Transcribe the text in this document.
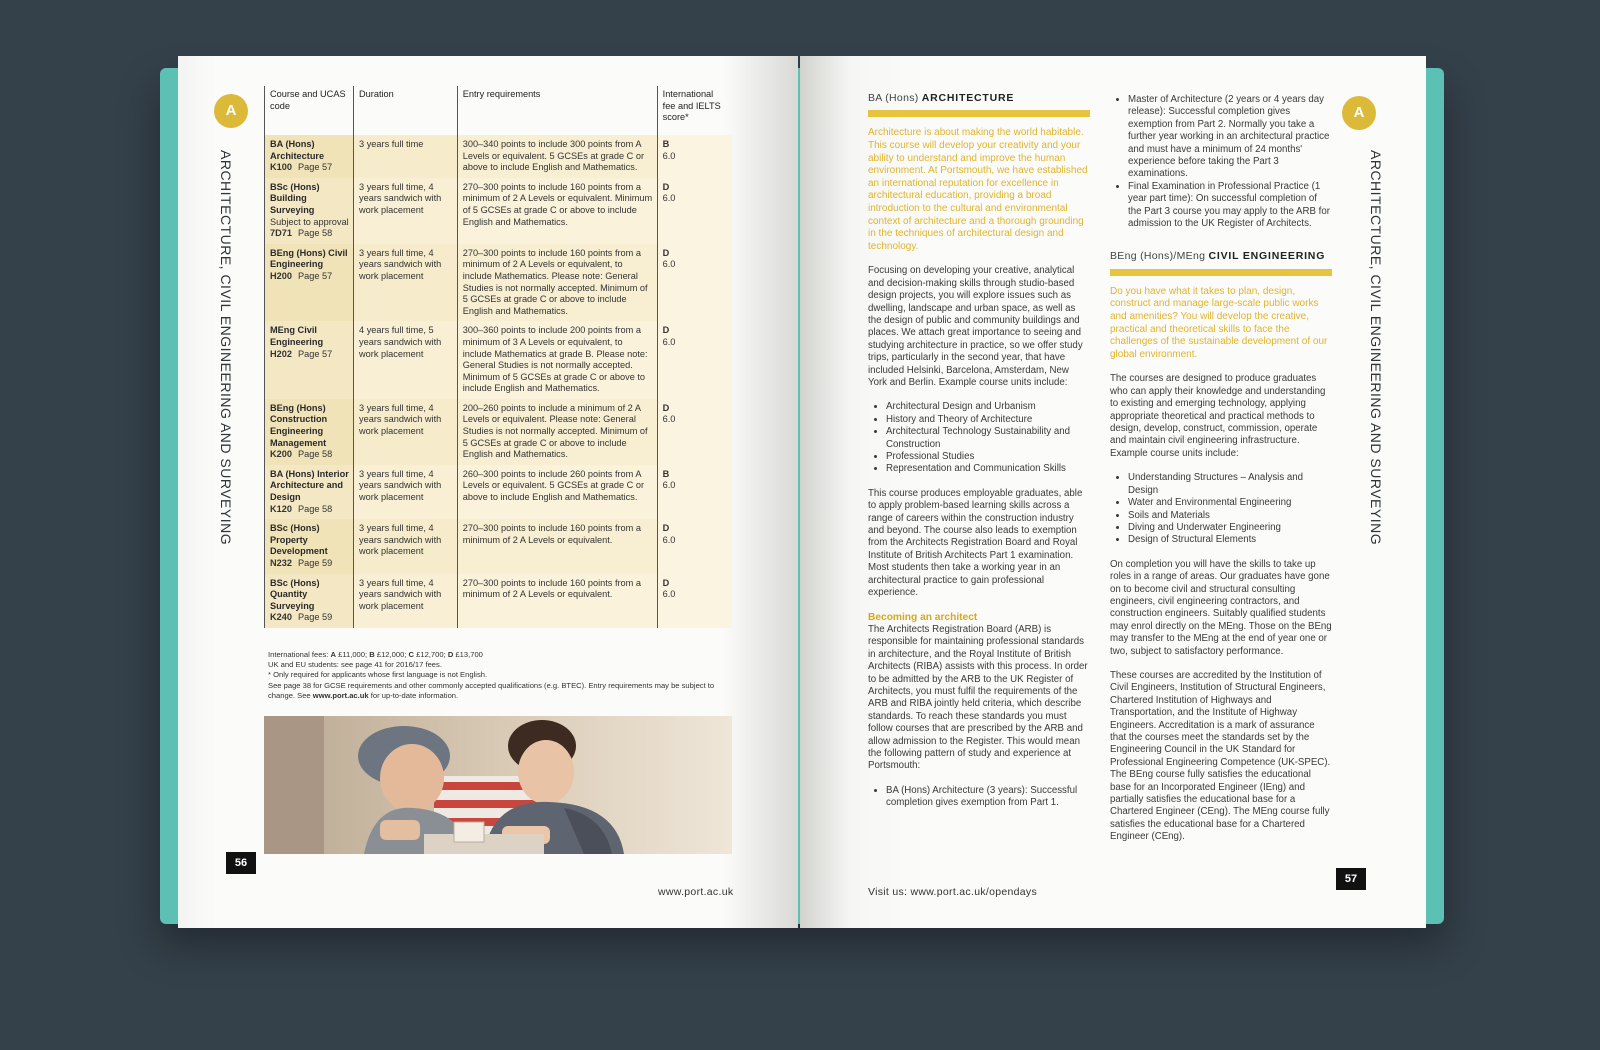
A
ARCHITECTURE, CIVIL ENGINEERING AND SURVEYING
Course and UCAS code	Duration	Entry requirements	International fee and IELTS score*

BA (Hons) Architecture
K100 Page 57	3 years full time	300–340 points to include 300 points from A Levels or equivalent. 5 GCSEs at grade C or above to include English and Mathematics.	B
6.0

BSc (Hons) Building Surveying
Subject to approval
7D71 Page 58	3 years full time, 4 years sandwich with work placement	270–300 points to include 160 points from a minimum of 2 A Levels or equivalent. Minimum of 5 GCSEs at grade C or above to include English and Mathematics.	D
6.0

BEng (Hons) Civil Engineering
H200 Page 57	3 years full time, 4 years sandwich with work placement	270–300 points to include 160 points from a minimum of 2 A Levels or equivalent, to include Mathematics. Please note: General Studies is not normally accepted. Minimum of 5 GCSEs at grade C or above to include English and Mathematics.	D
6.0

MEng Civil Engineering
H202 Page 57	4 years full time, 5 years sandwich with work placement	300–360 points to include 200 points from a minimum of 3 A Levels or equivalent, to include Mathematics at grade B. Please note: General Studies is not normally accepted. Minimum of 5 GCSEs at grade C or above to include English and Mathematics.	D
6.0

BEng (Hons) Construction Engineering Management
K200 Page 58	3 years full time, 4 years sandwich with work placement	200–260 points to include a minimum of 2 A Levels or equivalent. Please note: General Studies is not normally accepted. Minimum of 5 GCSEs at grade C or above to include English and Mathematics.	D
6.0

BA (Hons) Interior Architecture and Design
K120 Page 58	3 years full time, 4 years sandwich with work placement	260–300 points to include 260 points from A Levels or equivalent. 5 GCSEs at grade C or above to include English and Mathematics.	B
6.0

BSc (Hons) Property Development
N232 Page 59	3 years full time, 4 years sandwich with work placement	270–300 points to include 160 points from a minimum of 2 A Levels or equivalent.	D
6.0

BSc (Hons) Quantity Surveying
K240 Page 59	3 years full time, 4 years sandwich with work placement	270–300 points to include 160 points from a minimum of 2 A Levels or equivalent.	D
6.0
International fees: A £11,000; B £12,000; C £12,700; D £13,700
UK and EU students: see page 41 for 2016/17 fees.
* Only required for applicants whose first language is not English.
See page 38 for GCSE requirements and other commonly accepted qualifications (e.g. BTEC). Entry requirements may be subject to change. See www.port.ac.uk for up-to-date information.
56
www.port.ac.uk
A
ARCHITECTURE, CIVIL ENGINEERING AND SURVEYING
BA (Hons) ARCHITECTURE
Architecture is about making the world habitable. This course will develop your creativity and your ability to understand and improve the human environment. At Portsmouth, we have established an international reputation for excellence in architectural education, providing a broad introduction to the cultural and environmental context of architecture and a thorough grounding in the techniques of architectural design and technology.

Focusing on developing your creative, analytical and decision-making skills through studio-based design projects, you will explore issues such as dwelling, landscape and urban space, as well as the design of public and community buildings and places. We attach great importance to seeing and studying architecture in practice, so we offer study trips, particularly in the second year, that have included Helsinki, Barcelona, Amsterdam, New York and Berlin. Example course units include:

• Architectural Design and Urbanism
• History and Theory of Architecture
• Architectural Technology Sustainability and Construction
• Professional Studies
• Representation and Communication Skills

This course produces employable graduates, able to apply problem-based learning skills across a range of careers within the construction industry and beyond. The course also leads to exemption from the Architects Registration Board and Royal Institute of British Architects Part 1 examination. Most students then take a working year in an architectural practice to gain professional experience.

Becoming an architect

The Architects Registration Board (ARB) is responsible for maintaining professional standards in architecture, and the Royal Institute of British Architects (RIBA) assists with this process. In order to be admitted by the ARB to the UK Register of Architects, you must fulfil the requirements of the ARB and RIBA jointly held criteria, which describe standards. To reach these standards you must follow courses that are prescribed by the ARB and allow admission to the Register. This would mean the following pattern of study and experience at Portsmouth:

• BA (Hons) Architecture (3 years): Successful completion gives exemption from Part 1.
• Master of Architecture (2 years or 4 years day release): Successful completion gives exemption from Part 2. Normally you take a further year working in an architectural practice and must have a minimum of 24 months' experience before taking the Part 3 examinations.
• Final Examination in Professional Practice (1 year part time): On successful completion of the Part 3 course you may apply to the ARB for admission to the UK Register of Architects.
BEng (Hons)/MEng CIVIL ENGINEERING
Do you have what it takes to plan, design, construct and manage large-scale public works and amenities? You will develop the creative, practical and theoretical skills to face the challenges of the sustainable development of our global environment.

The courses are designed to produce graduates who can apply their knowledge and understanding to existing and emerging technology, applying appropriate theoretical and practical methods to design, develop, construct, commission, operate and maintain civil engineering infrastructure. Example course units include:

• Understanding Structures – Analysis and Design
• Water and Environmental Engineering
• Soils and Materials
• Diving and Underwater Engineering
• Design of Structural Elements

On completion you will have the skills to take up roles in a range of areas. Our graduates have gone on to become civil and structural consulting engineers, civil engineering contractors, and construction engineers. Suitably qualified students may enrol directly on the MEng. Those on the BEng may transfer to the MEng at the end of year one or two, subject to satisfactory performance.

These courses are accredited by the Institution of Civil Engineers, Institution of Structural Engineers, Chartered Institution of Highways and Transportation, and the Institute of Highway Engineers. Accreditation is a mark of assurance that the courses meet the standards set by the Engineering Council in the UK Standard for Professional Engineering Competence (UK-SPEC). The BEng course fully satisfies the educational base for an Incorporated Engineer (IEng) and partially satisfies the educational base for a Chartered Engineer (CEng). The MEng course fully satisfies the educational base for a Chartered Engineer (CEng).

Visit us: www.port.ac.uk/opendays
57
